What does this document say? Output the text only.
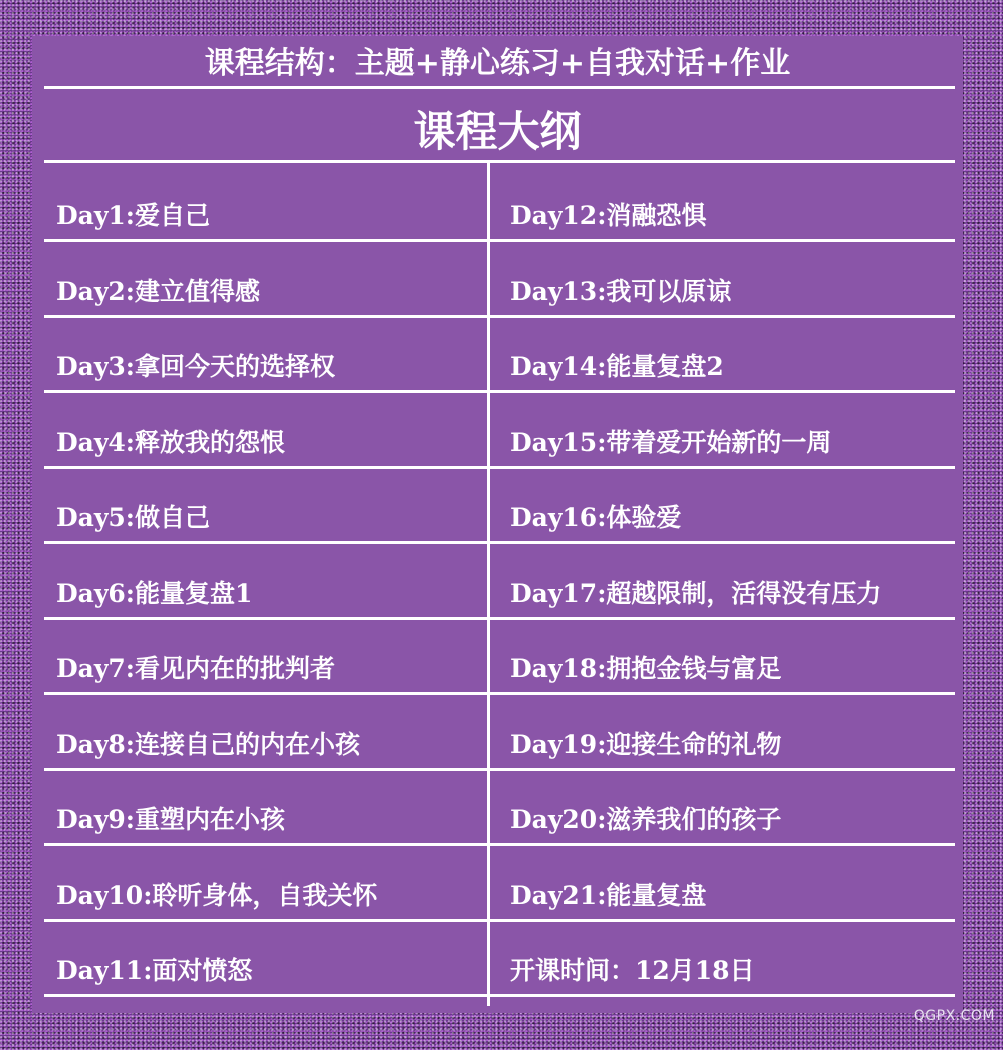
课程结构：主题+静心练习+自我对话+作业
课程大纲
Day1:爱自己	Day12:消融恐惧
Day2:建立值得感	Day13:我可以原谅
Day3:拿回今天的选择权	Day14:能量复盘2
Day4:释放我的怨恨	Day15:带着爱开始新的一周
Day5:做自己	Day16:体验爱
Day6:能量复盘1	Day17:超越限制，活得没有压力
Day7:看见内在的批判者	Day18:拥抱金钱与富足
Day8:连接自己的内在小孩	Day19:迎接生命的礼物
Day9:重塑内在小孩	Day20:滋养我们的孩子
Day10:聆听身体，自我关怀	Day21:能量复盘
Day11:面对愤怒	开课时间：12月18日
QGPX.COM
